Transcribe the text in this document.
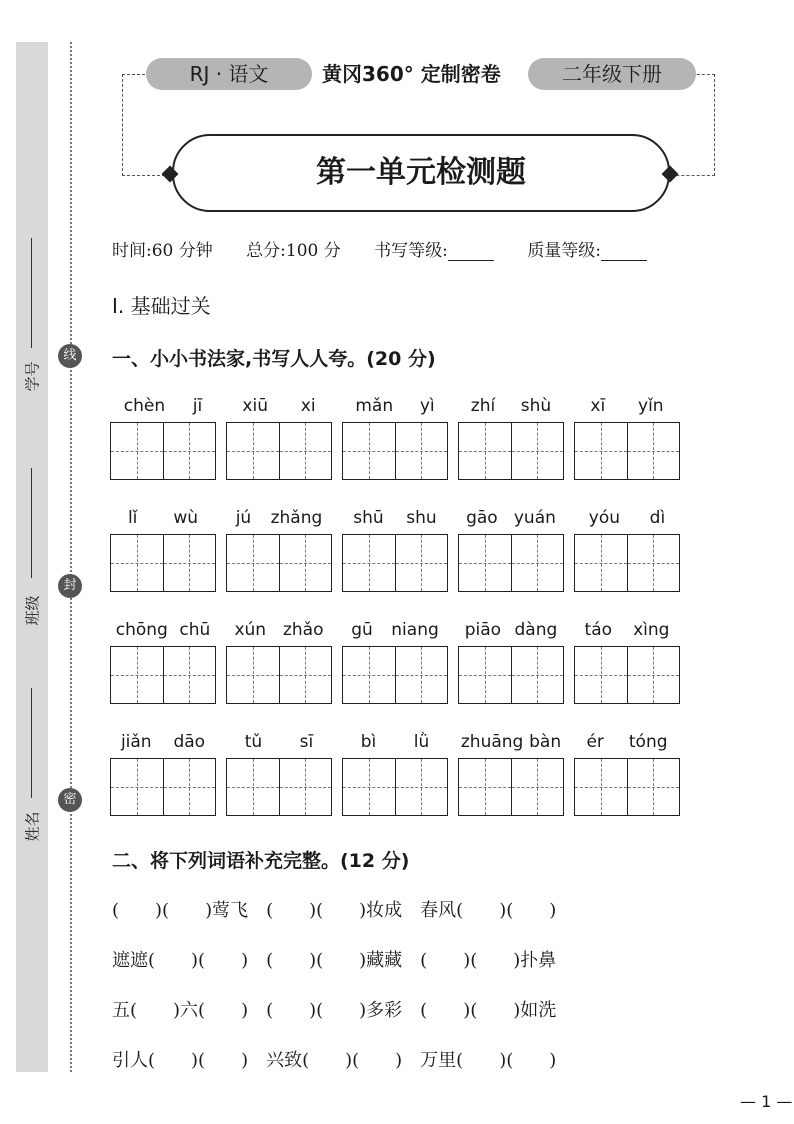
学号
班级
姓名
线
封
密
RJ · 语文	黄冈360° 定制密卷	二年级下册
第一单元检测题
时间:60 分钟 总分:100 分 书写等级:	质量等级:
Ⅰ. 基础过关
一、小小书法家,书写人人夸。(20 分)
chèn jī xiū xi mǎn yì zhí shù xī yǐn
lǐ wù jú zhǎng shū shu gāo yuán yóu dì
chōng chū xún zhǎo gū niang piāo dàng táo xìng
jiǎn dāo tǔ sī	bì lǜ zhuāng bàn ér tóng
二、将下列词语补充完整。(12 分)
(　　)(　　)莺飞　(　　)(　　)妆成　春风(　　)(　　)
遮遮(　　)(　　)　(　　)(　　)藏藏　(　　)(　　)扑鼻
五(　　)六(　　)　(　　)(　　)多彩　(　　)(　　)如洗
引人(　　)(　　)　兴致(　　)(　　)　万里(　　)(　　)
— 1 —
